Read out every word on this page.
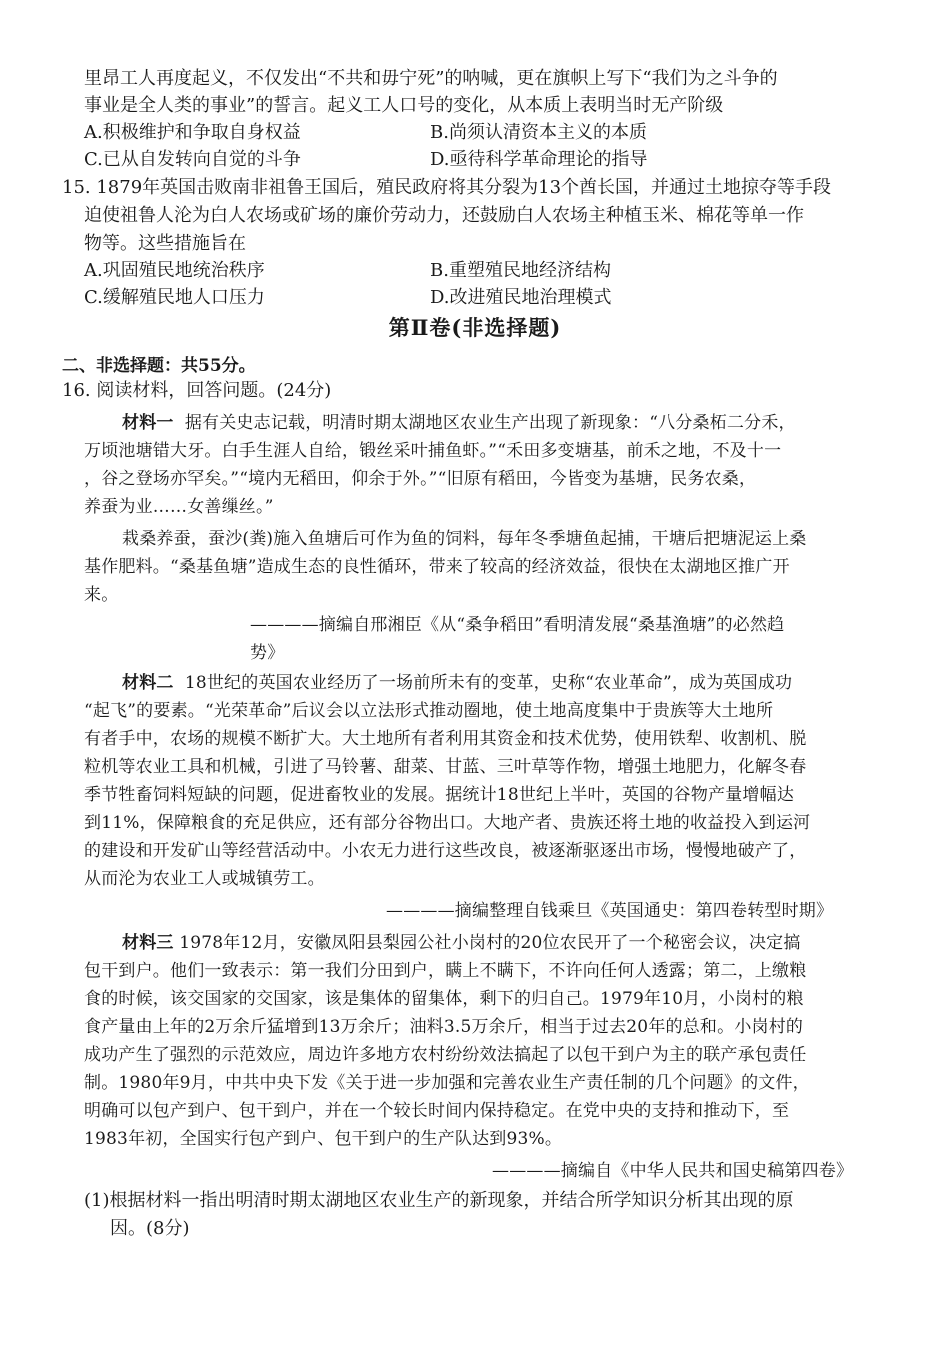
里昂工人再度起义，不仅发出“不共和毋宁死”的呐喊，更在旗帜上写下“我们为之斗争的
事业是全人类的事业”的誓言。起义工人口号的变化，从本质上表明当时无产阶级
A.积极维护和争取自身权益	B.尚须认清资本主义的本质
C.已从自发转向自觉的斗争	D.亟待科学革命理论的指导
15. 1879年英国击败南非祖鲁王国后，殖民政府将其分裂为13个酋长国，并通过土地掠夺等手段
迫使祖鲁人沦为白人农场或矿场的廉价劳动力，还鼓励白人农场主种植玉米、棉花等单一作
物等。这些措施旨在
A.巩固殖民地统治秩序	B.重塑殖民地经济结构
C.缓解殖民地人口压力	D.改进殖民地治理模式
第Ⅱ卷(非选择题)
二、非选择题：共55分。
16. 阅读材料，回答问题。(24分)
材料一 据有关史志记载，明清时期太湖地区农业生产出现了新现象：“八分桑柘二分禾，
万顷池塘错大牙。白手生涯人自给，锻丝采叶捕鱼虾。”“禾田多变塘基，前禾之地，不及十一
，谷之登场亦罕矣。”“境内无稻田，仰余于外。”“旧原有稻田，今皆变为基塘，民务农桑，
养蚕为业……女善缫丝。”
栽桑养蚕，蚕沙(粪)施入鱼塘后可作为鱼的饲料，每年冬季塘鱼起捕，干塘后把塘泥运上桑
基作肥料。“桑基鱼塘”造成生态的良性循环，带来了较高的经济效益，很快在太湖地区推广开
来。
————摘编自邢湘臣《从“桑争稻田”看明清发展“桑基渔塘”的必然趋
势》
材料二 18世纪的英国农业经历了一场前所未有的变革，史称“农业革命”，成为英国成功
“起飞”的要素。“光荣革命”后议会以立法形式推动圈地，使土地高度集中于贵族等大土地所
有者手中，农场的规模不断扩大。大土地所有者利用其资金和技术优势，使用铁犁、收割机、脱
粒机等农业工具和机械，引进了马铃薯、甜菜、甘蓝、三叶草等作物，增强土地肥力，化解冬春
季节牲畜饲料短缺的问题，促进畜牧业的发展。据统计18世纪上半叶，英国的谷物产量增幅达
到11%，保障粮食的充足供应，还有部分谷物出口。大地产者、贵族还将土地的收益投入到运河
的建设和开发矿山等经营活动中。小农无力进行这些改良，被逐渐驱逐出市场，慢慢地破产了，
从而沦为农业工人或城镇劳工。
————摘编整理自钱乘旦《英国通史：第四卷转型时期》
材料三 1978年12月，安徽凤阳县梨园公社小岗村的20位农民开了一个秘密会议，决定搞
包干到户。他们一致表示：第一我们分田到户，瞒上不瞒下，不许向任何人透露；第二，上缴粮
食的时候，该交国家的交国家，该是集体的留集体，剩下的归自己。1979年10月，小岗村的粮
食产量由上年的2万余斤猛增到13万余斤；油料3.5万余斤，相当于过去20年的总和。小岗村的
成功产生了强烈的示范效应，周边许多地方农村纷纷效法搞起了以包干到户为主的联产承包责任
制。1980年9月，中共中央下发《关于进一步加强和完善农业生产责任制的几个问题》的文件，
明确可以包产到户、包干到户，并在一个较长时间内保持稳定。在党中央的支持和推动下，至
1983年初，全国实行包产到户、包干到户的生产队达到93%。
————摘编自《中华人民共和国史稿第四卷》
(1)根据材料一指出明清时期太湖地区农业生产的新现象，并结合所学知识分析其出现的原
因。(8分)
